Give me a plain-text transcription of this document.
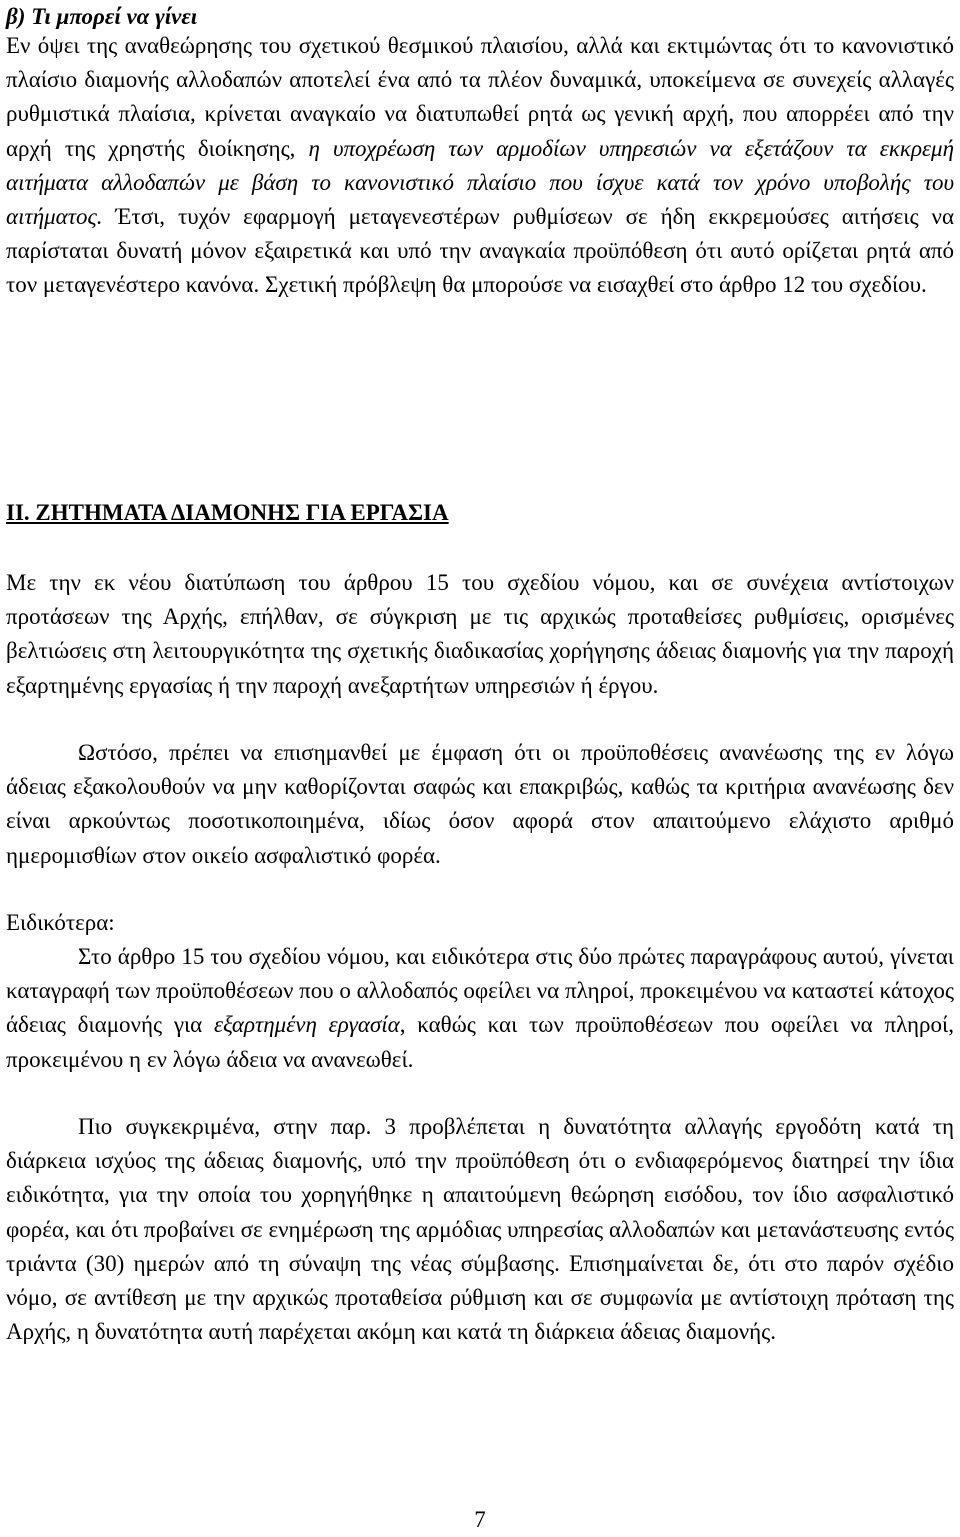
β) Τι μπορεί να γίνει

Εν όψει της αναθεώρησης του σχετικού θεσμικού πλαισίου, αλλά και εκτιμώντας ότι το κανονιστικό πλαίσιο διαμονής αλλοδαπών αποτελεί ένα από τα πλέον δυναμικά, υποκείμενα σε συνεχείς αλλαγές ρυθμιστικά πλαίσια, κρίνεται αναγκαίο να διατυπωθεί ρητά ως γενική αρχή, που απορρέει από την αρχή της χρηστής διοίκησης, η υποχρέωση των αρμοδίων υπηρεσιών να εξετάζουν τα εκκρεμή αιτήματα αλλοδαπών με βάση το κανονιστικό πλαίσιο που ίσχυε κατά τον χρόνο υποβολής του αιτήματος. Έτσι, τυχόν εφαρμογή μεταγενεστέρων ρυθμίσεων σε ήδη εκκρεμούσες αιτήσεις να παρίσταται δυνατή μόνον εξαιρετικά και υπό την αναγκαία προϋπόθεση ότι αυτό ορίζεται ρητά από τον μεταγενέστερο κανόνα. Σχετική πρόβλεψη θα μπορούσε να εισαχθεί στο άρθρο 12 του σχεδίου.

ΙΙ. ΖΗΤΗΜΑΤΑ ΔΙΑΜΟΝΗΣ ΓΙΑ ΕΡΓΑΣΙΑ

Με την εκ νέου διατύπωση του άρθρου 15 του σχεδίου νόμου, και σε συνέχεια αντίστοιχων προτάσεων της Αρχής, επήλθαν, σε σύγκριση με τις αρχικώς προταθείσες ρυθμίσεις, ορισμένες βελτιώσεις στη λειτουργικότητα της σχετικής διαδικασίας χορήγησης άδειας διαμονής για την παροχή εξαρτημένης εργασίας ή την παροχή ανεξαρτήτων υπηρεσιών ή έργου.

Ωστόσο, πρέπει να επισημανθεί με έμφαση ότι οι προϋποθέσεις ανανέωσης της εν λόγω άδειας εξακολουθούν να μην καθορίζονται σαφώς και επακριβώς, καθώς τα κριτήρια ανανέωσης δεν είναι αρκούντως ποσοτικοποιημένα, ιδίως όσον αφορά στον απαιτούμενο ελάχιστο αριθμό ημερομισθίων στον οικείο ασφαλιστικό φορέα.

Ειδικότερα:

Στο άρθρο 15 του σχεδίου νόμου, και ειδικότερα στις δύο πρώτες παραγράφους αυτού, γίνεται καταγραφή των προϋποθέσεων που ο αλλοδαπός οφείλει να πληροί, προκειμένου να καταστεί κάτοχος άδειας διαμονής για εξαρτημένη εργασία, καθώς και των προϋποθέσεων που οφείλει να πληροί, προκειμένου η εν λόγω άδεια να ανανεωθεί.

Πιο συγκεκριμένα, στην παρ. 3 προβλέπεται η δυνατότητα αλλαγής εργοδότη κατά τη διάρκεια ισχύος της άδειας διαμονής, υπό την προϋπόθεση ότι ο ενδιαφερόμενος διατηρεί την ίδια ειδικότητα, για την οποία του χορηγήθηκε η απαιτούμενη θεώρηση εισόδου, τον ίδιο ασφαλιστικό φορέα, και ότι προβαίνει σε ενημέρωση της αρμόδιας υπηρεσίας αλλοδαπών και μετανάστευσης εντός τριάντα (30) ημερών από τη σύναψη της νέας σύμβασης. Επισημαίνεται δε, ότι στο παρόν σχέδιο νόμο, σε αντίθεση με την αρχικώς προταθείσα ρύθμιση και σε συμφωνία με αντίστοιχη πρόταση της Αρχής, η δυνατότητα αυτή παρέχεται ακόμη και κατά τη διάρκεια άδειας διαμονής.

7
